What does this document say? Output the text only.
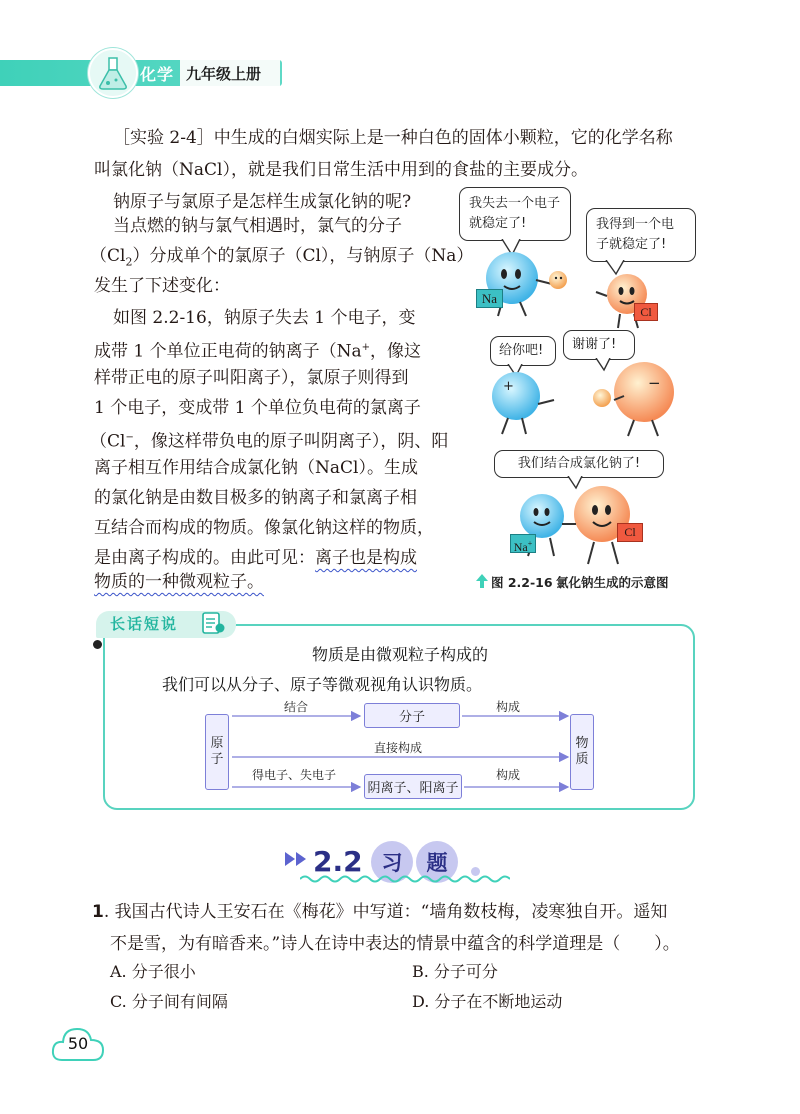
化学 九年级上册
［实验 2-4］中生成的白烟实际上是一种白色的固体小颗粒，它的化学名称
叫氯化钠（NaCl），就是我们日常生活中用到的食盐的主要成分。
钠原子与氯原子是怎样生成氯化钠的呢?
当点燃的钠与氯气相遇时，氯气的分子
$(Cl_2)$分成单个的氯原子（Cl），与钠原子（Na）
发生了下述变化：
如图 2.2-16，钠原子失去 1 个电子，变
成带 1 个单位正电荷的钠离子（Na+，像这
样带正电的原子叫阳离子），氯原子则得到
1 个电子，变成带 1 个单位负电荷的氯离子
（Cl−，像这样带负电的原子叫阴离子），阴、阳
离子相互作用结合成氯化钠（NaCl）。生成
的氯化钠是由数目极多的钠离子和氯离子相
互结合而构成的物质。像氯化钠这样的物质，
是由离子构成的。由此可见：离子也是构成
物质的一种微观粒子。
我失去一个电子就稳定了!	我得到一个电子就稳定了!
Na
Cl
给你吧!	谢谢了!
+	−
我们结合成氯化钠了!
Na+
Cl
图 2.2-16 氯化钠生成的示意图
长话短说
物质是由微观粒子构成的
我们可以从分子、原子等微观视角认识物质。
原子
物质
分子
阴离子、阳离子
结合	构成
直接构成
得电子、失电子	构成
2.2 习	题
1. 我国古代诗人王安石在《梅花》中写道：“墙角数枝梅，凌寒独自开。遥知
不是雪，为有暗香来。”诗人在诗中表达的情景中蕴含的科学道理是（　　）。
A. 分子很小	B. 分子可分
C. 分子间有间隔	D. 分子在不断地运动
50
